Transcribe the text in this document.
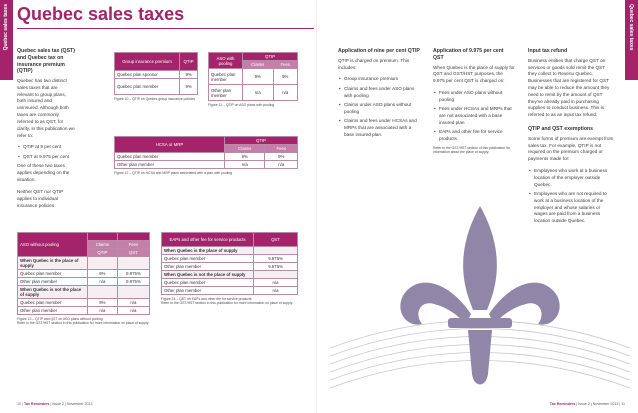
Quebec sales taxes	Quebec sales taxes
Quebec sales taxes
Quebec sales tax (QST) and Quebec tax on insurance premium (QTIP)
Quebec has two distinct sales taxes that are relevant to group plans, both insured and uninsured. Although both taxes are commonly referred to as QST, for clarity, in this publication we refer to:
• QTIP at 9 per cent
• QST at 9.975 per cent
One of these two taxes applies depending on the situation.
Neither QST nor QTIP applies to individual insurance policies.
Group insurance premium	QTIP
Quebec plan sponsor	9%
Quebec plan member	9%
Figure 10 – QTIP on Quebec group insurance policies
ASO with pooling	QTIP	
	Claims	Fees
Quebec plan member	9%	9%
Other plan member	n/a	n/a
Figure 11 – QTIP on ASO plans with pooling
HCSA or MRP	QTIP	
	Claims	Fees
Quebec plan member	9%	9%
Other plan member	n/a	n/a
Figure 12 – QTIP on HCSA and MRP plans associated with a plan with pooling
ASO without pooling		
	Claims	Fees
	QTIP	QST
When Quebec is the place of supply		
Quebec plan member	9%	9.975%
Other plan member	n/a	9.975%
When Quebec is not the place of supply		
Quebec plan member	9%	n/a
Other plan member	n/a	n/a
Figure 13 – QTIP and QST on ASO plans without pooling
Refer to the GST/HST section in this publication for more information on place of supply.
EAPs and other fee for service products	QST
When Quebec is the place of supply	
Quebec plan member	9.975%
Other plan member	9.975%
When Quebec is not the place of supply	
Quebec plan member	n/a
Other plan member	n/a
Figure 14 – QST on EAPs and other fee for service products
Refer to the GST/HST section in this publication for more information on place of supply.
Application of nine per cent QTIP
QTIP is charged on premium. This includes:
• Group insurance premium
• Claims and fees under ASO plans with pooling
• Claims under ASO plans without pooling
• Claims and fees under HCSAs and MRPs that are associated with a base insured plan.
Application of 9.975 per cent QST
When Quebec is the place of supply for QST and GST/HST purposes, the 9.975 per cent QST is charged on:
• Fees under ASO plans without pooling
• Fees under HCSAs and MRPs that are not associated with a base insured plan
• EAPs and other fee for service products
Refer to the GST/HST section of this publication for information about the place of supply.
Input tax refund
Business entities that charge QST on services or goods sold remit the QST they collect to Revenu Quebec. Businesses that are registered for QST may be able to reduce the amount they need to remit by the amount of QST they’ve already paid in purchasing supplies to conduct business. This is referred to as an input tax refund.
QTIP and QST exemptions
Some forms of premium are exempt from sales tax. For example, QTIP is not required on the premium charged or payments made for:
• Employees who work at a business location of the employer outside Quebec.
• Employees who are not required to work at a business location of the employer and whose salaries or wages are paid from a business location outside Quebec.
10 | Tax Reminders | Issue 2 | November 2013	Tax Reminders | Issue 2 | November 2013 | 11
